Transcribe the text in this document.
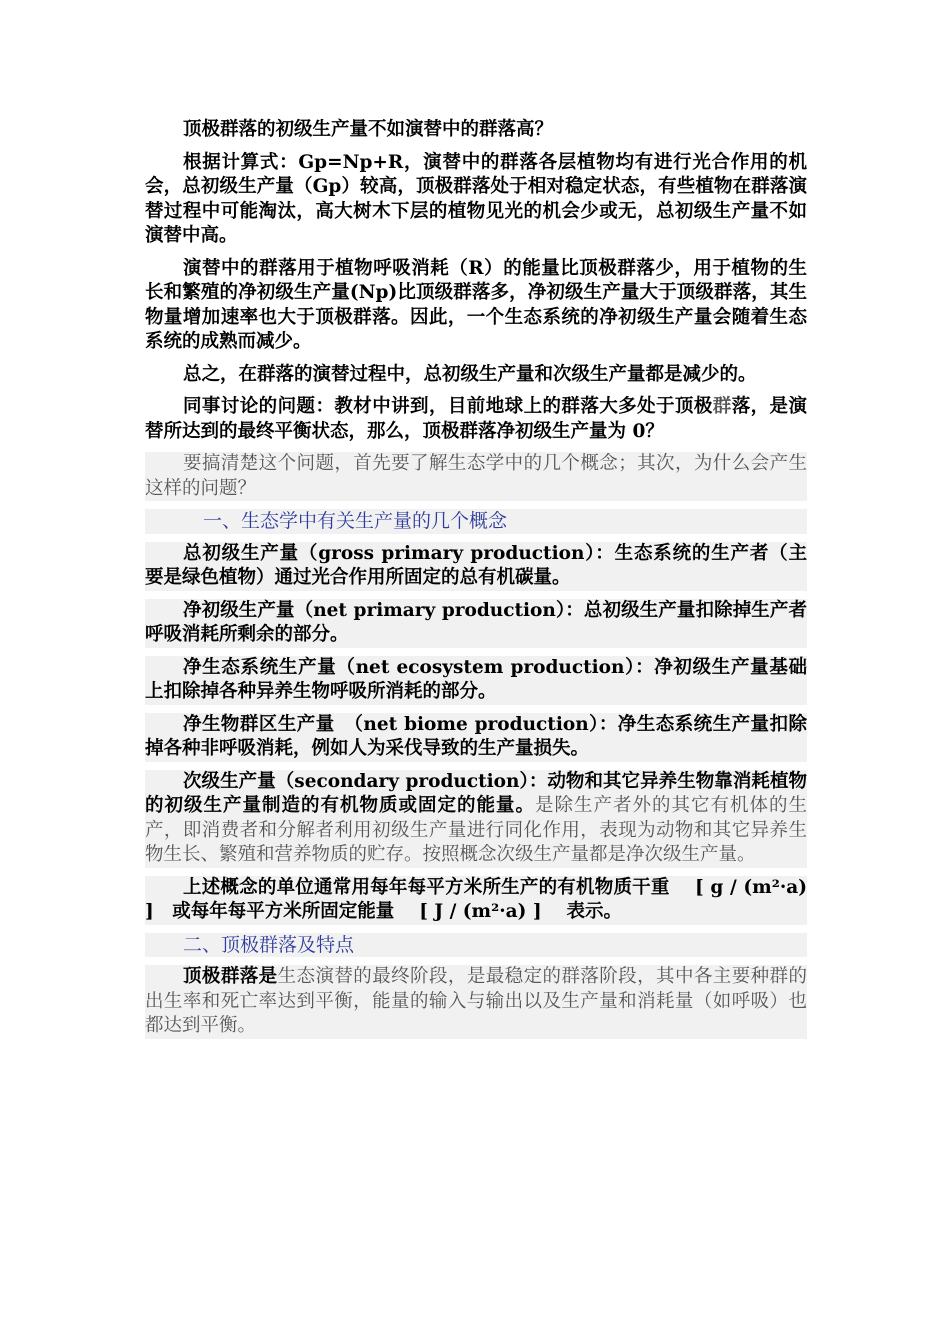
顶极群落的初级生产量不如演替中的群落高？

根据计算式：Gp=Np+R，演替中的群落各层植物均有进行光合作用的机会，总初级生产量（Gp）较高，顶极群落处于相对稳定状态，有些植物在群落演替过程中可能淘汰，高大树木下层的植物见光的机会少或无，总初级生产量不如演替中高。

演替中的群落用于植物呼吸消耗（R）的能量比顶极群落少，用于植物的生长和繁殖的净初级生产量(Np)比顶级群落多，净初级生产量大于顶级群落，其生物量增加速率也大于顶极群落。因此，一个生态系统的净初级生产量会随着生态系统的成熟而减少。

总之，在群落的演替过程中，总初级生产量和次级生产量都是减少的。

同事讨论的问题：教材中讲到，目前地球上的群落大多处于顶极群落，是演替所达到的最终平衡状态，那么，顶极群落净初级生产量为 0？

要搞清楚这个问题，首先要了解生态学中的几个概念；其次，为什么会产生这样的问题？

一、生态学中有关生产量的几个概念

总初级生产量（gross primary production）：生态系统的生产者（主要是绿色植物）通过光合作用所固定的总有机碳量。

净初级生产量（net primary production）：总初级生产量扣除掉生产者呼吸消耗所剩余的部分。

净生态系统生产量（net ecosystem production）：净初级生产量基础上扣除掉各种异养生物呼吸所消耗的部分。

净生物群区生产量　（net biome production）：净生态系统生产量扣除掉各种非呼吸消耗，例如人为采伐导致的生产量损失。

次级生产量（secondary production）：动物和其它异养生物靠消耗植物的初级生产量制造的有机物质或固定的能量。是除生产者外的其它有机体的生产，即消费者和分解者利用初级生产量进行同化作用，表现为动物和其它异养生物生长、繁殖和营养物质的贮存。按照概念次级生产量都是净次级生产量。

上述概念的单位通常用每年每平方米所生产的有机物质干重　 [ g / (m²·a) ]　或每年每平方米所固定能量　 [ J / (m²·a) ]　 表示。

二、顶极群落及特点

顶极群落是生态演替的最终阶段，是最稳定的群落阶段，其中各主要种群的出生率和死亡率达到平衡，能量的输入与输出以及生产量和消耗量（如呼吸）也都达到平衡。
